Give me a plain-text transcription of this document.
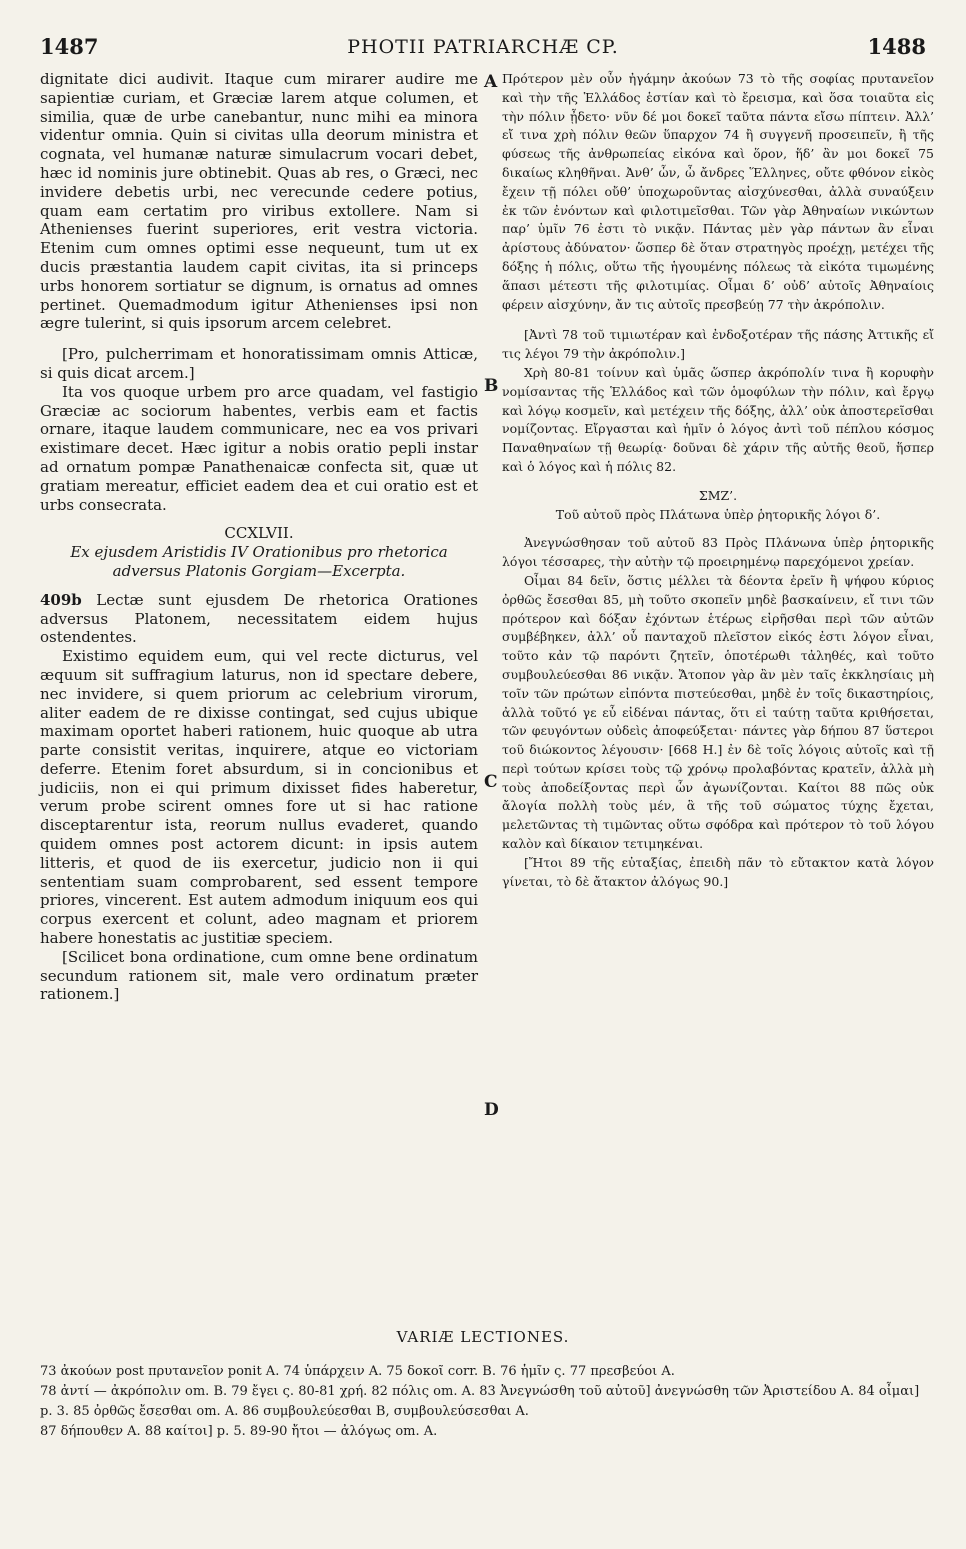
1487	PHOTII PATRIARCHÆ CP.	1488

dignitate dici audivit. Itaque cum mirarer audire me sapientiæ curiam, et Græciæ larem atque columen, et similia, quæ de urbe canebantur, nunc mihi ea minora videntur omnia. Quin si civitas ulla deorum ministra et cognata, vel humanæ naturæ simulacrum vocari debet, hæc id nominis jure obtinebit. Quas ab res, o Græci, nec invidere debetis urbi, nec verecunde cedere potius, quam eam certatim pro viribus extollere. Nam si Athenienses fuerint superiores, erit vestra victoria. Etenim cum omnes optimi esse nequeunt, tum ut ex ducis præstantia laudem capit civitas, ita si princeps urbs honorem sortiatur se dignum, is ornatus ad omnes pertinet. Quemadmodum igitur Athenienses ipsi non ægre tulerint, si quis ipsorum arcem celebret.

[Pro, pulcherrimam et honoratissimam omnis Atticæ, si quis dicat arcem.]

Ita vos quoque urbem pro arce quadam, vel fastigio Græciæ ac sociorum habentes, verbis eam et factis ornare, itaque laudem communicare, nec ea vos privari existimare decet. Hæc igitur a nobis oratio pepli instar ad ornatum pompæ Panathenaicæ confecta sit, quæ ut gratiam mereatur, efficiet eadem dea et cui oratio est et urbs consecrata.

CCXLVII.

Ex ejusdem Aristidis IV Orationibus pro rhetorica adversus Platonis Gorgiam—Excerpta.

409b Lectæ sunt ejusdem De rhetorica Orationes adversus Platonem, necessitatem eidem hujus ostendentes.

Existimo equidem eum, qui vel recte dicturus, vel æquum sit suffragium laturus, non id spectare debere, nec invidere, si quem priorum ac celebrium virorum, aliter eadem de re dixisse contingat, sed cujus ubique maximam oportet haberi rationem, huic quoque ab utra parte consistit veritas, inquirere, atque eo victoriam deferre. Etenim foret absurdum, si in concionibus et judiciis, non ei qui primum dixisset fides haberetur, verum probe scirent omnes fore ut si hac ratione disceptarentur ista, reorum nullus evaderet, quando quidem omnes post actorem dicunt: in ipsis autem litteris, et quod de iis exercetur, judicio non ii qui sententiam suam comprobarent, sed essent tempore priores, vincerent. Est autem admodum iniquum eos qui corpus exercent et colunt, adeo magnam et priorem habere honestatis ac justitiæ speciem.

[Scilicet bona ordinatione, cum omne bene ordinatum secundum rationem sit, male vero ordinatum præter rationem.]

A
B
C
D

Πρότερον μὲν οὖν ἠγάμην ἀκούων 73 τὸ τῆς σοφίας πρυτανεῖον καὶ τὴν τῆς Ἑλλάδος ἑστίαν καὶ τὸ ἔρεισμα, καὶ ὅσα τοιαῦτα εἰς τὴν πόλιν ᾖδετο· νῦν δέ μοι δοκεῖ ταῦτα πάντα εἴσω πίπτειν. Ἀλλ’ εἴ τινα χρὴ πόλιν θεῶν ὕπαρχον 74 ἢ συγγενῆ προσειπεῖν, ἢ τῆς φύσεως τῆς ἀνθρωπείας εἰκόνα καὶ ὅρον, ἥδ’ ἂν μοι δοκεῖ 75 δικαίως κληθῆναι. Ἀνθ’ ὧν, ὦ ἄνδρες Ἕλληνες, οὔτε φθόνον εἰκὸς ἔχειν τῇ πόλει οὔθ’ ὑποχωροῦντας αἰσχύνεσθαι, ἀλλὰ συναύξειν ἐκ τῶν ἐνόντων καὶ φιλοτιμεῖσθαι. Τῶν γὰρ Ἀθηναίων νικώντων παρ’ ὑμῖν 76 ἐστι τὸ νικᾷν. Πάντας μὲν γὰρ πάντων ἂν εἶναι ἀρίστους ἀδύνατον· ὥσπερ δὲ ὅταν στρατηγὸς προέχῃ, μετέχει τῆς δόξης ἡ πόλις, οὕτω τῆς ἡγουμένης πόλεως τὰ εἰκότα τιμωμένης ἅπασι μέτεστι τῆς φιλοτιμίας. Οἶμαι δ’ οὐδ’ αὐτοῖς Ἀθηναίοις φέρειν αἰσχύνην, ἄν τις αὐτοῖς πρεσβεύῃ 77 τὴν ἀκρόπολιν.

[Ἀντὶ 78 τοῦ τιμιωτέραν καὶ ἐνδοξοτέραν τῆς πάσης Ἀττικῆς εἴ τις λέγοι 79 τὴν ἀκρόπολιν.]

Χρὴ 80-81 τοίνυν καὶ ὑμᾶς ὥσπερ ἀκρόπολίν τινα ἢ κορυφὴν νομίσαντας τῆς Ἑλλάδος καὶ τῶν ὁμοφύλων τὴν πόλιν, καὶ ἔργῳ καὶ λόγῳ κοσμεῖν, καὶ μετέχειν τῆς δόξης, ἀλλ’ οὐκ ἀποστερεῖσθαι νομίζοντας. Εἴργασται καὶ ἡμῖν ὁ λόγος ἀντὶ τοῦ πέπλου κόσμος Παναθηναίων τῇ θεωρίᾳ· δοῦναι δὲ χάριν τῆς αὐτῆς θεοῦ, ἥσπερ καὶ ὁ λόγος καὶ ἡ πόλις 82.

ΣΜΖ’.

Τοῦ αὐτοῦ πρὸς Πλάτωνα ὑπὲρ ῥητορικῆς λόγοι δ’.

Ἀνεγνώσθησαν τοῦ αὐτοῦ 83 Πρὸς Πλάνωνα ὑπὲρ ῥητορικῆς λόγοι τέσσαρες, τὴν αὐτὴν τῷ προειρημένῳ παρεχόμενοι χρείαν.

Οἶμαι 84 δεῖν, ὅστις μέλλει τὰ δέοντα ἐρεῖν ἢ ψήφου κύριος ὀρθῶς ἔσεσθαι 85, μὴ τοῦτο σκοπεῖν μηδὲ βασκαίνειν, εἴ τινι τῶν πρότερον καὶ δόξαν ἐχόντων ἑτέρως εἰρῆσθαι περὶ τῶν αὐτῶν συμβέβηκεν, ἀλλ’ οὗ πανταχοῦ πλεῖστον εἰκός ἐστι λόγον εἶναι, τοῦτο κἀν τῷ παρόντι ζητεῖν, ὁποτέρωθι τἀληθές, καὶ τοῦτο συμβουλεύεσθαι 86 νικᾷν. Ἄτοπον γὰρ ἂν μὲν ταῖς ἐκκλησίαις μὴ τοῖν τῶν πρώτων εἰπόντα πιστεύεσθαι, μηδὲ ἐν τοῖς δικαστηρίοις, ἀλλὰ τοῦτό γε εὖ εἰδέναι πάντας, ὅτι εἰ ταύτῃ ταῦτα κριθήσεται, τῶν φευγόντων οὐδεὶς ἀποφεύξεται· πάντες γὰρ δήπου 87 ὕστεροι τοῦ διώκοντος λέγουσιν· [668 H.] ἐν δὲ τοῖς λόγοις αὐτοῖς καὶ τῇ περὶ τούτων κρίσει τοὺς τῷ χρόνῳ προλαβόντας κρατεῖν, ἀλλὰ μὴ τοὺς ἀποδείξοντας περὶ ὧν ἀγωνίζονται. Καίτοι 88 πῶς οὐκ ἄλογία πολλὴ τοὺς μέν, ἃ τῆς τοῦ σώματος τύχης ἔχεται, μελετῶντας τὴ τιμῶντας οὕτω σφόδρα καὶ πρότερον τὸ τοῦ λόγου καλὸν καὶ δίκαιον τετιμηκέναι.

[Ἤτοι 89 τῆς εὐταξίας, ἐπειδὴ πᾶν τὸ εὔτακτον κατὰ λόγον γίνεται, τὸ δὲ ἄτακτον ἀλόγως 90.]

VARIÆ LECTIONES.

73 ἀκούων post πρυτανεῖον ponit A. 74 ὑπάρχειν A. 75 δοκοῖ corr. B. 76 ἡμῖν ς. 77 πρεσβεύοι A.

78 ἀντί — ἀκρόπολιν om. B. 79 ἔγει ς. 80-81 χρή. 82 πόλις om. A. 83 Ἀνεγνώσθη τοῦ αὐτοῦ] ἀνεγνώσθη τῶν Ἀριστείδου A. 84 οἶμαι] p. 3. 85 ὀρθῶς ἔσεσθαι om. A. 86 συμβουλεύεσθαι B, συμβουλεύσεσθαι A.

87 δήπουθεν A. 88 καίτοι] p. 5. 89-90 ἤτοι — ἀλόγως om. A.
